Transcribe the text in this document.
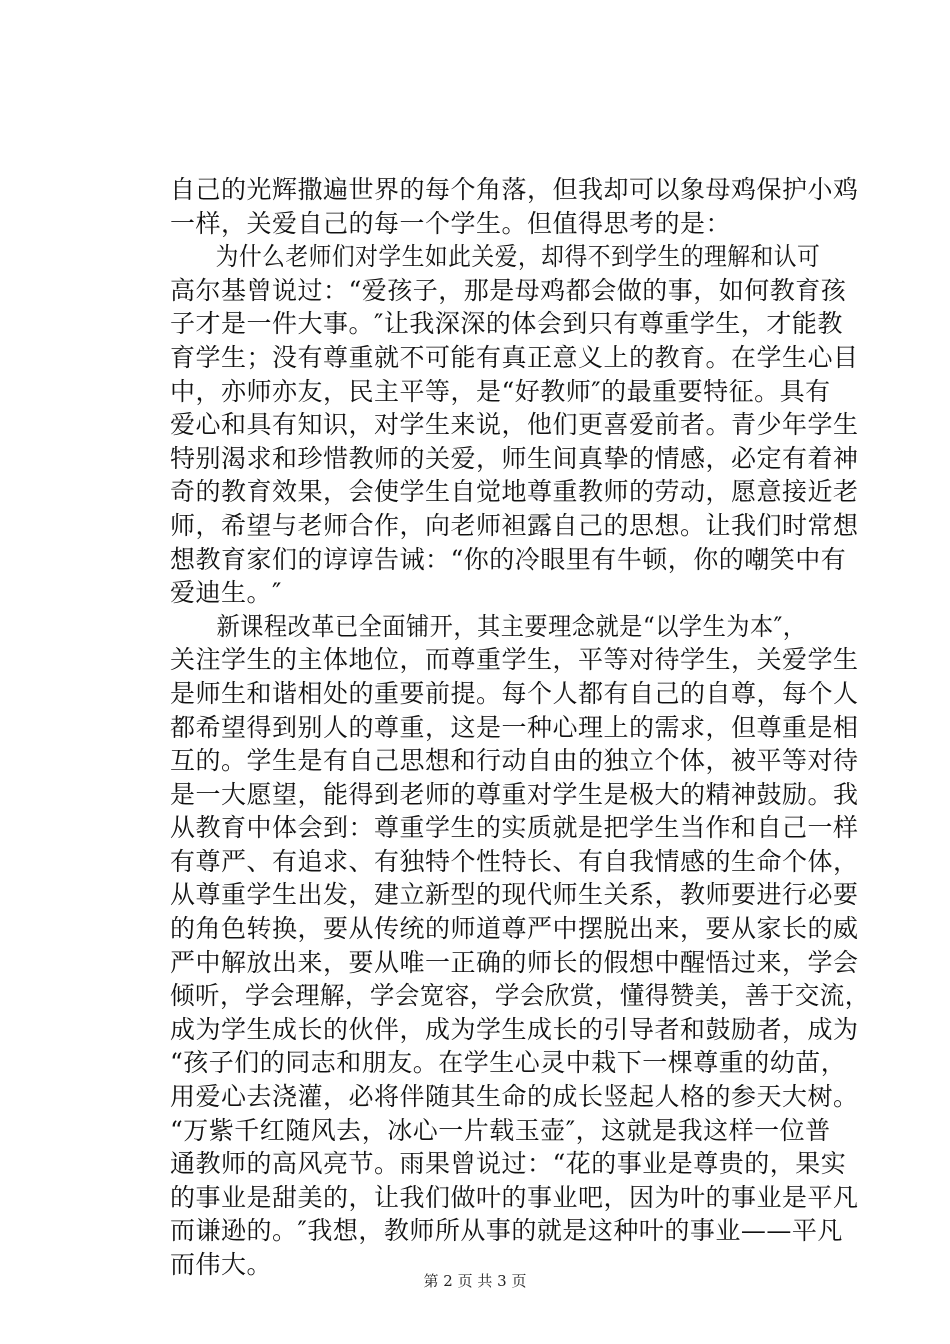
自己的光辉撒遍世界的每个角落，但我却可以象母鸡保护小鸡
一样，关爱自己的每一个学生。但值得思考的是：
为什么老师们对学生如此关爱，却得不到学生的理解和认可
高尔基曾说过：“爱孩子，那是母鸡都会做的事，如何教育孩
子才是一件大事。″让我深深的体会到只有尊重学生，才能教
育学生；没有尊重就不可能有真正意义上的教育。在学生心目
中，亦师亦友，民主平等，是“好教师″的最重要特征。具有
爱心和具有知识，对学生来说，他们更喜爱前者。青少年学生
特别渴求和珍惜教师的关爱，师生间真挚的情感，必定有着神
奇的教育效果，会使学生自觉地尊重教师的劳动，愿意接近老
师，希望与老师合作，向老师袒露自己的思想。让我们时常想
想教育家们的谆谆告诫：“你的冷眼里有牛顿，你的嘲笑中有
爱迪生。″
新课程改革已全面铺开，其主要理念就是“以学生为本″，
关注学生的主体地位，而尊重学生，平等对待学生，关爱学生
是师生和谐相处的重要前提。每个人都有自己的自尊，每个人
都希望得到别人的尊重，这是一种心理上的需求，但尊重是相
互的。学生是有自己思想和行动自由的独立个体，被平等对待
是一大愿望，能得到老师的尊重对学生是极大的精神鼓励。我
从教育中体会到：尊重学生的实质就是把学生当作和自己一样
有尊严、有追求、有独特个性特长、有自我情感的生命个体，
从尊重学生出发，建立新型的现代师生关系，教师要进行必要
的角色转换，要从传统的师道尊严中摆脱出来，要从家长的威
严中解放出来，要从唯一正确的师长的假想中醒悟过来，学会
倾听，学会理解，学会宽容，学会欣赏，懂得赞美，善于交流，
成为学生成长的伙伴，成为学生成长的引导者和鼓励者，成为
“孩子们的同志和朋友。在学生心灵中栽下一棵尊重的幼苗，
用爱心去浇灌，必将伴随其生命的成长竖起人格的参天大树。
“万紫千红随风去，冰心一片载玉壶″，这就是我这样一位普
通教师的高风亮节。雨果曾说过：“花的事业是尊贵的，果实
的事业是甜美的，让我们做叶的事业吧，因为叶的事业是平凡
而谦逊的。″我想，教师所从事的就是这种叶的事业——平凡
而伟大。
第 2 页 共 3 页
